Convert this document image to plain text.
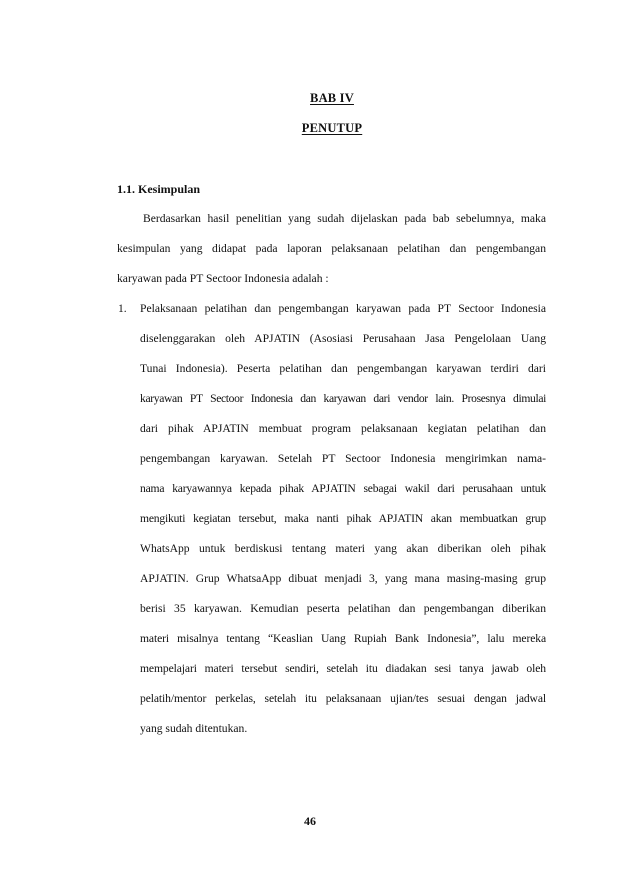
BAB IV
PENUTUP
1.1. Kesimpulan
Berdasarkan hasil penelitian yang sudah dijelaskan pada bab sebelumnya, maka
kesimpulan yang didapat pada laporan pelaksanaan pelatihan dan pengembangan
karyawan pada PT Sectoor Indonesia adalah :
1. Pelaksanaan pelatihan dan pengembangan karyawan pada PT Sectoor Indonesia
diselenggarakan oleh APJATIN (Asosiasi Perusahaan Jasa Pengelolaan Uang
Tunai Indonesia). Peserta pelatihan dan pengembangan karyawan terdiri dari
karyawan PT Sectoor Indonesia dan karyawan dari vendor lain. Prosesnya dimulai
dari pihak APJATIN membuat program pelaksanaan kegiatan pelatihan dan
pengembangan karyawan. Setelah PT Sectoor Indonesia mengirimkan nama-
nama karyawannya kepada pihak APJATIN sebagai wakil dari perusahaan untuk
mengikuti kegiatan tersebut, maka nanti pihak APJATIN akan membuatkan grup
WhatsApp untuk berdiskusi tentang materi yang akan diberikan oleh pihak
APJATIN. Grup WhatsaApp dibuat menjadi 3, yang mana masing-masing grup
berisi 35 karyawan. Kemudian peserta pelatihan dan pengembangan diberikan
materi misalnya tentang “Keaslian Uang Rupiah Bank Indonesia”, lalu mereka
mempelajari materi tersebut sendiri, setelah itu diadakan sesi tanya jawab oleh
pelatih/mentor perkelas, setelah itu pelaksanaan ujian/tes sesuai dengan jadwal
yang sudah ditentukan.
46
